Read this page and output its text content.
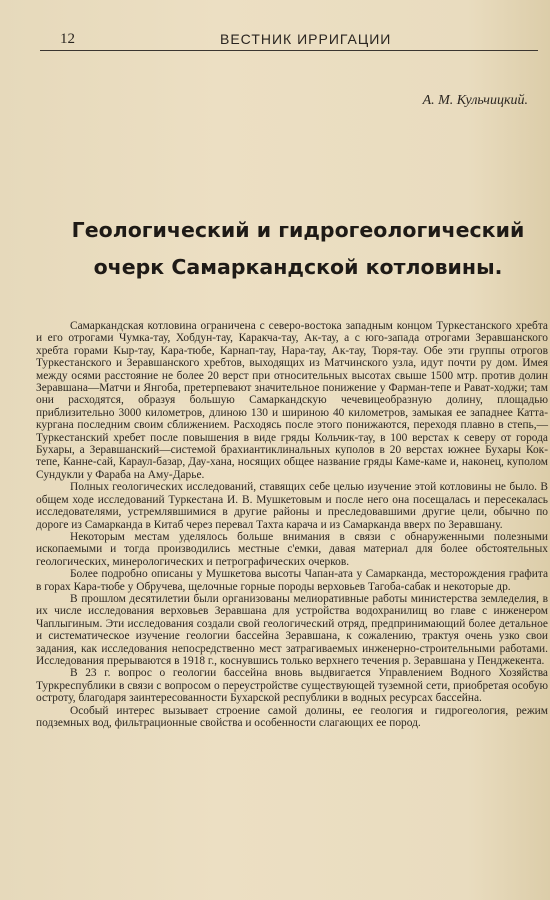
12	ВЕСТНИК ИРРИГАЦИИ
А. М. Кульчицкий.
Геологический и гидрогеологический
очерк Самаркандской котловины.

Самаркандская котловина ограничена с северо-востока западным концом Туркестанского хребта и его отрогами Чумка-тау, Хобдун-тау, Каракча-тау, Ак-тау, а с юго-запада отрогами Зеравшанского хребта горами Кыр-тау, Кара-тюбе, Карнап-тау, Нара-тау, Ак-тау, Тюря-тау. Обе эти группы отрогов Туркестанского и Зеравшанского хребтов, выходящих из Матчинского узла, идут почти ру дом. Имея между осями расстояние не более 20 верст при относительных высотах свыше 1500 мтр. против долин Зеравшана—Матчи и Янгоба, претерпевают значительное понижение у Фарман-тепе и Рават-ходжи; там они расходятся, образуя большую Самаркандскую чечевицеобразную долину, площадью приблизительно 3000 километров, длиною 130 и шириною 40 километров, замыкая ее западнее Катта-кургана последним своим сближением. Расходясь после этого понижаются, переходя плавно в степь,—Туркестанский хребет после повышения в виде гряды Кольчик-тау, в 100 верстах к северу от города Бухары, а Зеравшанский—системой брахиантиклинальных куполов в 20 верстах южнее Бухары Кок-тепе, Канне-сай, Караул-базар, Дау-хана, носящих общее название гряды Каме-каме и, наконец, куполом Сундукли у Фараба на Аму-Дарье.

Полных геологических исследований, ставящих себе целью изучение этой котловины не было. В общем ходе исследований Туркестана И. В. Мушкетовым и после него она посещалась и пересекалась исследователями, устремлявшимися в другие районы и преследовавшими другие цели, обычно по дороге из Самарканда в Китаб через перевал Тахта карача и из Самарканда вверх по Зеравшану.

Некоторым местам уделялось больше внимания в связи с обнаруженными полезными ископаемыми и тогда производились местные с'емки, давая материал для более обстоятельных геологических, минерологических и петрографических очерков.

Более подробно описаны у Мушкетова высоты Чапан-ата у Самарканда, месторождения графита в горах Кара-тюбе у Обручева, щелочные горные породы верховьев Тагоба-сабак и некоторые др.

В прошлом десятилетии были организованы мелиоративные работы министерства земледелия, в их числе исследования верховьев Зеравшана для устройства водохранилищ во главе с инженером Чаплыгиным. Эти исследования создали свой геологический отряд, предпринимающий более детальное и систематическое изучение геологии бассейна Зеравшана, к сожалению, трактуя очень узко свои задания, как исследования непосредственно мест затрагиваемых инженерно-строительными работами. Исследования прерываются в 1918 г., коснувшись только верхнего течения р. Зеравшана у Пенджекента.

В 23 г. вопрос о геологии бассейна вновь выдвигается Управлением Водного Хозяйства Туркреспублики в связи с вопросом о переустройстве существующей туземной сети, приобретая особую остроту, благодаря заинтересованности Бухарской республики в водных ресурсах бассейна.

Особый интерес вызывает строение самой долины, ее геология и гидрогеология, режим подземных вод, фильтрационные свойства и особенности слагающих ее пород.
